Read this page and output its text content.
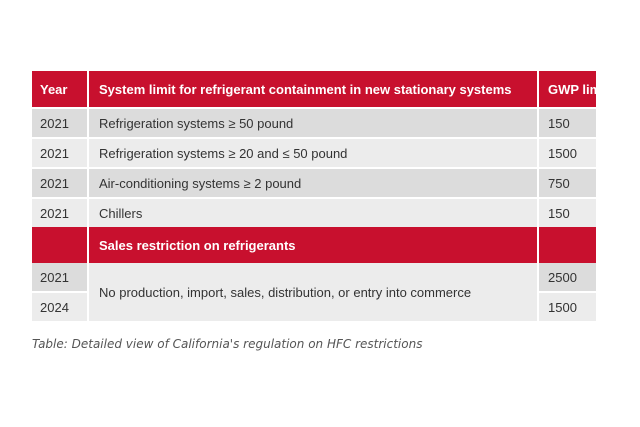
Year	System limit for refrigerant containment in new stationary systems	GWP limit
2021	Refrigeration systems ≥ 50 pound	150
2021	Refrigeration systems ≥ 20 and ≤ 50 pound	1500
2021	Air-conditioning systems ≥ 2 pound	750
2021	Chillers	150
	Sales restriction on refrigerants	
2021	No production, import, sales, distribution, or entry into commerce	2500
2024		1500
Table: Detailed view of California's regulation on HFC restrictions
